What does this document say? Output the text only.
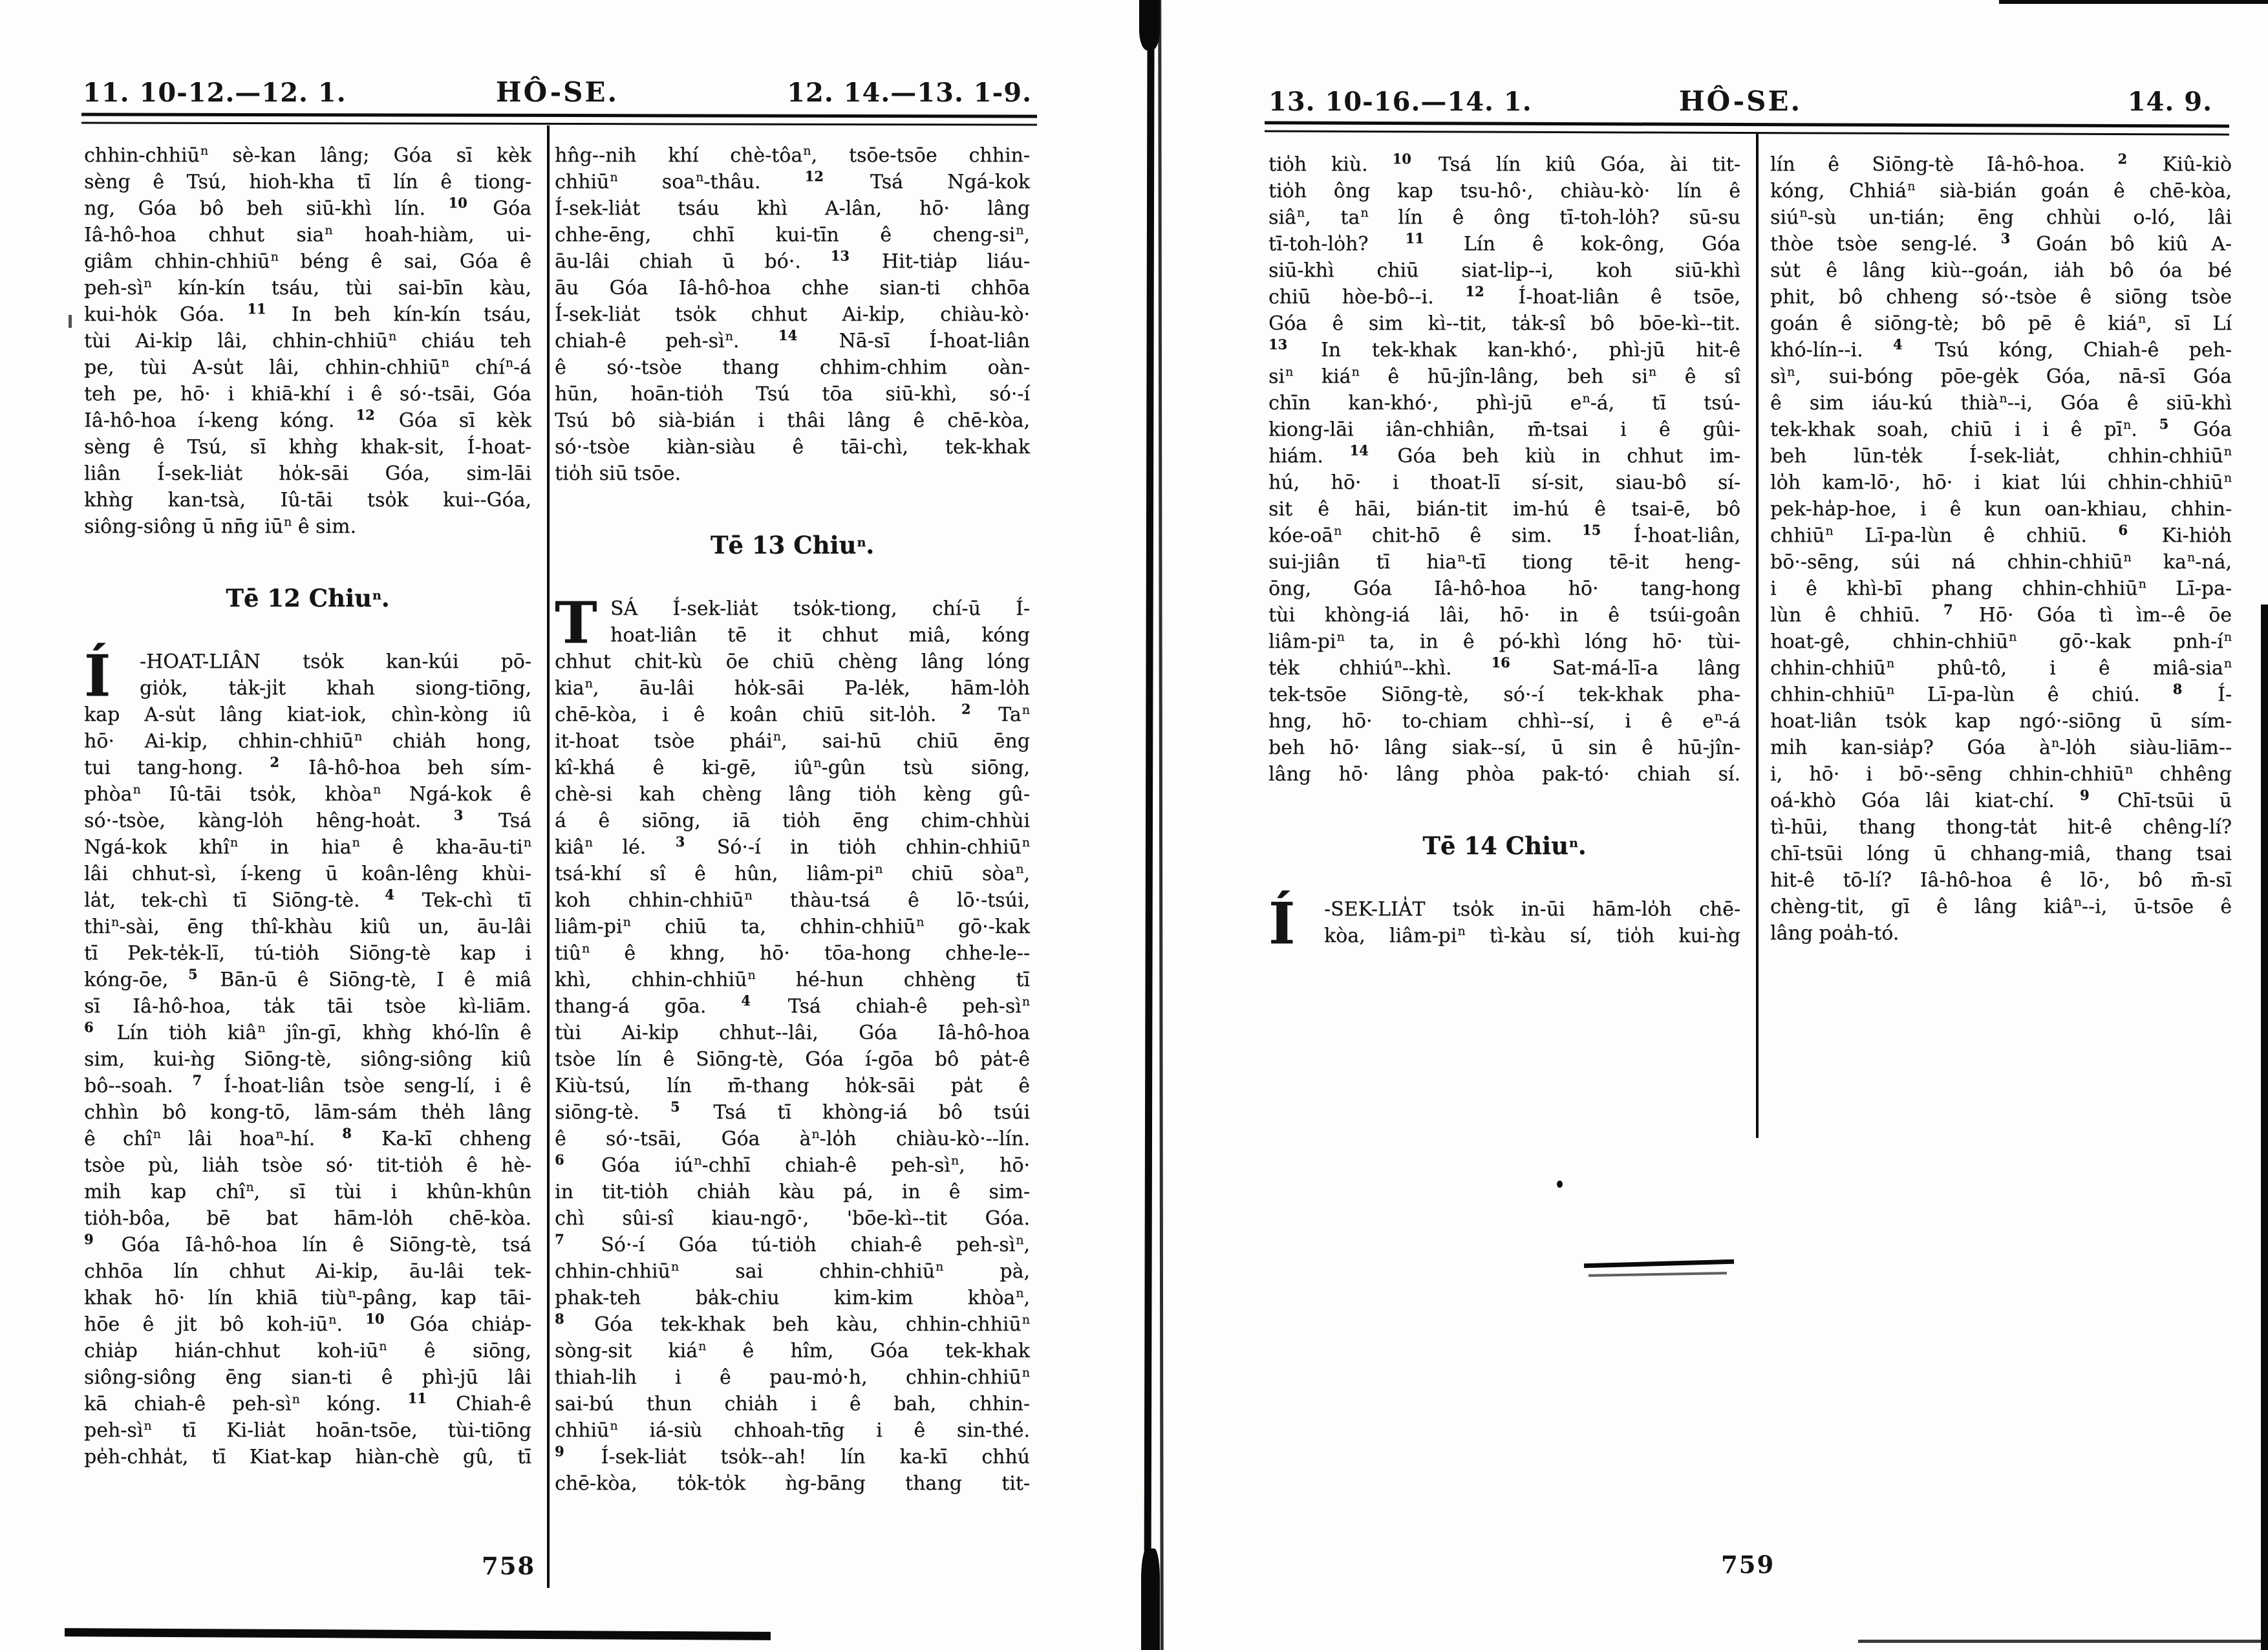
11. 10-12.—12. 1.	HÔ-SE.	12. 14.—13. 1-9.
chhin-chhiū$^n$ sè-kan lâng; Góa sī kèk
sèng ê Tsú, hioh-kha tī lín ê tiong-
ng, Góa bô beh siū-khì lín. $^{10}$ Góa
Iâ-hô-hoa chhut sia$^n$ hoah-hiàm, ui-
giâm chhin-chhiū$^n$ béng ê sai, Góa ê
peh-$sì^n$ kín-kín tsáu, tùi sai-bīn kàu,
kui-ho̍k Góa. $^{11}$ In beh kín-kín tsáu,
tùi Ai-ki̍p lâi, chhin-chhiū$^n$ chiáu teh
pe, tùi A-su̍t lâi, chhin-chhiū$^n$ chí$^n$-á
teh pe, hō· i khiā-khí i ê só·-tsāi, Góa
Iâ-hô-hoa í-keng kóng. $^{12}$ Góa sī kèk
sèng ê Tsú, sī khǹg khak-si̍t, Í-hoat-
liân Í-sek-lia̍t ho̍k-sāi Góa, sim-lāi
khǹg kan-tsà, Iû-tāi tso̍k kui--Góa,
siông-siông ū nn̄g $iū^n$ ê sim.
Tē 12 Chiu$^n$.
Í	-HOAT-LIÂN tso̍k kan-kúi pō-
gio̍k, ta̍k-ji̍t khah siong-tiōng,
kap A-su̍t lâng kiat-iok, chìn-kòng iû
hō· Ai-ki̍p, chhin-chhiū$^n$ chia̍h hong,
tui tang-hong. $^2$ Iâ-hô-hoa beh sím-
phòa$^n$ Iû-tāi tso̍k, khòa$^n$ Ngá-kok ê
só·-tsòe, kàng-lo̍h hêng-hoa̍t. $^3$ Tsá
Ngá-kok khî$^n$ in hia$^n$ ê kha-$āu-ti^n$
lâi chhut-sì, í-keng ū koân-lêng khùi-
la̍t, tek-chì tī Siōng-tè. $^4$ Tek-chì tī
thi$^n$-sài, ēng thî-khàu kiû un, āu-lâi
tī Pek-te̍k-lī, tú-tio̍h Siōng-tè kap i
kóng-ōe, $^5$ Bān-ū ê Siōng-tè, I ê miâ
sī Iâ-hô-hoa, ta̍k tāi tsòe kì-liām.
$^6$ Lín tio̍h kiâ$^n$ jîn-gī, khǹg khó-lîn ê
sim, kui-ǹg Siōng-tè, siông-siông kiû
bô--soah. $^7$ Í-hoat-liân tsòe seng-lí, i ê
chhìn bô kong-tō, lām-sám the̍h lâng
ê chî$^n$ lâi hoa$^n$-hí. $^8$ Ka-kī chheng
tsòe pù, lia̍h tsòe só· tit-tio̍h ê hè-
mi̍h kap chî$^n$, sī tùi i khûn-khûn
tio̍h-bôa, bē bat hām-lo̍h chē-kòa.
$^9$ Góa Iâ-hô-hoa lín ê Siōng-tè, tsá
chhōa lín chhut Ai-ki̍p, āu-lâi tek-
khak hō· lín khiā tiù$^n$-pâng, kap tāi-
hōe ê ji̍t bô koh-$iū^n$. $^{10}$ Góa chia̍p-
chia̍p hián-chhut koh-$iū^n$ ê siōng,
siông-siông ēng sian-ti ê phì-jū lâi
kā chiah-ê peh-$sì^n$ kóng. $^{11}$ Chiah-ê
peh-$sì^n$ tī Ki-lia̍t hoān-tsōe, tùi-tiōng
pe̍h-chha̍t, tī Kiat-kap hiàn-chè gû, tī
hn̂g--nih khí chè-tôa$^n$, tsōe-tsōe chhin-
chhiū$^n$ soa$^n$-thâu. $^{12}$ Tsá Ngá-kok
Í-sek-lia̍t tsáu khì A-lân, hō· lâng
chhe-ēng, chhī kui-tīn ê cheng-$si^n$,
āu-lâi chiah ū bó·. $^{13}$ Hit-tia̍p liáu-
āu Góa Iâ-hô-hoa chhe sian-ti chhōa
Í-sek-lia̍t tso̍k chhut Ai-ki̍p, chiàu-kò·
chiah-ê peh-$sì^n$. $^{14}$ Nā-sī Í-hoat-liân
ê só·-tsòe thang chhim-chhim oàn-
hūn, hoān-tio̍h Tsú tōa siū-khì, só·-í
Tsú bô sià-bián i thâi lâng ê chē-kòa,
só·-tsòe kiàn-siàu ê tāi-chì, tek-khak
tio̍h siū tsōe.
Tē 13 Chiu$^n$.
T SÁ Í-sek-lia̍t tso̍k-tiong, chí-ū Í-
hoat-liân tē it chhut miâ, kóng
chhut chi̍t-kù ōe chiū chèng lâng lóng
kia$^n$, āu-lâi ho̍k-sāi Pa-le̍k, hām-lo̍h
chē-kòa, i ê koân chiū sit-lo̍h. $^2$ Ta$^n$
it-hoat tsòe phái$^n$, sai-hū chiū ēng
kî-khá ê ki-gē, $iû^n$-gûn tsù siōng,
chè-si kah chèng lâng tio̍h kèng gû-
á ê siōng, iā tio̍h ēng chim-chhùi
kiâ$^n$ lé. $^3$ Só·-í in tio̍h chhin-chhiū$^n$
tsá-khí sî ê hûn, liâm-$pi^n$ chiū sòa$^n$,
koh chhin-chhiū$^n$ thàu-tsá ê lō·-tsúi,
liâm-$pi^n$ chiū ta, chhin-chhiū$^n$ gō·-kak
tiû$^n$ ê khng, hō· tōa-hong chhe-le--
khì, chhin-chhiū$^n$ hé-hun chhèng tī
thang-á gōa. $^4$ Tsá chiah-ê peh-$sì^n$
tùi Ai-ki̍p chhut--lâi, Góa Iâ-hô-hoa
tsòe lín ê Siōng-tè, Góa í-gōa bô pa̍t-ê
Kiù-tsú, lín m̄-thang ho̍k-sāi pa̍t ê
siōng-tè. $^5$ Tsá tī khòng-iá bô tsúi
ê só·-tsāi, Góa $à^n-lo̍h$ chiàu-kò·--lín.
$^6$ Góa $iú^n$-chhī chiah-ê peh-$sì^n$, hō·
in tit-tio̍h chia̍h kàu pá, in ê sim-
chì sûi-sî kiau-ngō·, 'bōe-kì--tit Góa.
$^7$ Só·-í Góa tú-tio̍h chiah-ê peh-$sì^n$,
chhin-chhiū$^n$ sai chhin-chhiū$^n$ pà,
phak-teh ba̍k-chiu kim-kim khòa$^n$,
$^8$ Góa tek-khak beh kàu, chhin-chhiū$^n$
sòng-sit kiá$^n$ ê hîm, Góa tek-khak
thiah-li̍h i ê pau-mo̍·h, chhin-chhiū$^n$
sai-bú thun chia̍h i ê bah, chhin-
chhiū$^n$ iá-siù chhoah-tn̄g i ê sin-thé.
$^9$ Í-sek-lia̍t tso̍k--ah! lín ka-kī chhú
chē-kòa, to̍k-to̍k ǹg-bāng thang tit-
758
13. 10-16.—14. 1.	HÔ-SE.	14. 9.
tio̍h kiù. $^{10}$ Tsá lín kiû Góa, ài tit-
tio̍h ông kap tsu-hô·, chiàu-kò· lín ê
siâ$^n$, $ta^n$ lín ê ông tī-toh-lo̍h? sū-su
tī-toh-lo̍h? $^{11}$ Lín ê kok-ông, Góa
siū-khì chiū siat-li̍p--i, koh siū-khì
chiū hòe-bô--i. $^{12}$ Í-hoat-liân ê tsōe,
Góa ê sim kì--tit, ta̍k-sî bô bōe-kì--tit.
$^{13}$ In tek-khak kan-khó·, phì-jū hit-ê
$si^n$ kiá$^n$ ê hū-jîn-lâng, beh $si^n$ ê sî
chīn kan-khó·, phì-jū $e^n-á$, tī tsú-
kiong-lāi iân-chhiân, m̄-tsai i ê gûi-
hiám. $^{14}$ Góa beh kiù in chhut im-
hú, hō· i thoat-lī sí-sit, siau-bô sí-
sit ê hāi, bián-tit im-hú ê tsai-ē, bô
kóe-$oā^n$ chit-hō ê sim. $^{15}$ Í-hoat-liân,
sui-jiân tī hia$^n$-tī tiong tē-it heng-
ōng, Góa Iâ-hô-hoa hō· tang-hong
tùi khòng-iá lâi, hō· in ê tsúi-goân
liâm-$pi^n$ ta, in ê pó-khì lóng hō· tùi-
te̍k chhiú$^n$--khì. $^{16}$ Sat-má-lī-a lâng
tek-tsōe Siōng-tè, só·-í tek-khak pha-
hng, hō· to-chiam chhì--sí, i ê $e^n-á$
beh hō· lâng siak--sí, ū sin ê hū-jîn-
lâng hō· lâng phòa pak-tó· chiah sí.
Tē 14 Chiu$^n$.
Í	-SEK-LIA̍T tso̍k in-ūi hām-lo̍h chē-
kòa, liâm-$pi^n$ tì-kàu sí, tio̍h kui-ǹg
lín ê Siōng-tè Iâ-hô-hoa. $^2$ Kiû-kiò
kóng, Chhiá$^n$ sià-bián goán ê chē-kòa,
siú$^n$-sù un-tián; ēng chhùi o-ló, lâi
thòe tsòe seng-lé. $^3$ Goán bô kiû A-
su̍t ê lâng kiù--goán, ia̍h bô óa bé
phit, bô chheng só·-tsòe ê siōng tsòe
goán ê siōng-tè; bô pē ê kiá$^n$, sī Lí
khó-lín--i. $^4$ Tsú kóng, Chiah-ê peh-
$sì^n$, sui-bóng pōe-ge̍k Góa, nā-sī Góa
ê sim iáu-kú thià$^n$--i, Góa ê siū-khì
tek-khak soah, chiū i i ê $pī^n$. $^5$ Góa
beh lūn-te̍k Í-sek-lia̍t, chhin-chhiū$^n$
lo̍h kam-lō·, hō· i kiat lúi chhin-chhiū$^n$
pek-ha̍p-hoe, i ê kun oan-khiau, chhin-
chhiū$^n$ Lī-pa-lùn ê chhiū. $^6$ Ki-hio̍h
bō·-sēng, súi ná chhin-chhiū$^n$ $ka^n-ná$,
i ê khì-bī phang chhin-chhiū$^n$ Lī-pa-
lùn ê chhiū. $^7$ Hō· Góa tì ìm--ê ōe
hoat-gê, chhin-chhiū$^n$ gō·-kak pnh-$í^n$
chhin-chhiū$^n$ phû-tô, i ê miâ-sia$^n$
chhin-chhiū$^n$ Lī-pa-lùn ê chiú. $^8$ Í-
hoat-liân tso̍k kap ngó·-siōng ū sím-
mi̍h kan-sia̍p? Góa $à^n-lo̍h$ siàu-liām--
i, hō· i bō·-sēng chhin-chhiū$^n$ chhêng
oá-khò Góa lâi kiat-chí. $^9$ Chī-tsūi ū
tì-hūi, thang thong-ta̍t hit-ê chêng-lí?
chī-tsūi lóng ū chhang-miâ, thang tsai
hit-ê tō-lí? Iâ-hô-hoa ê lō·, bô m̄-sī
chèng-ti̍t, gī ê lâng kiâ$^n$--i, ū-tsōe ê
lâng poa̍h-tó.
759
